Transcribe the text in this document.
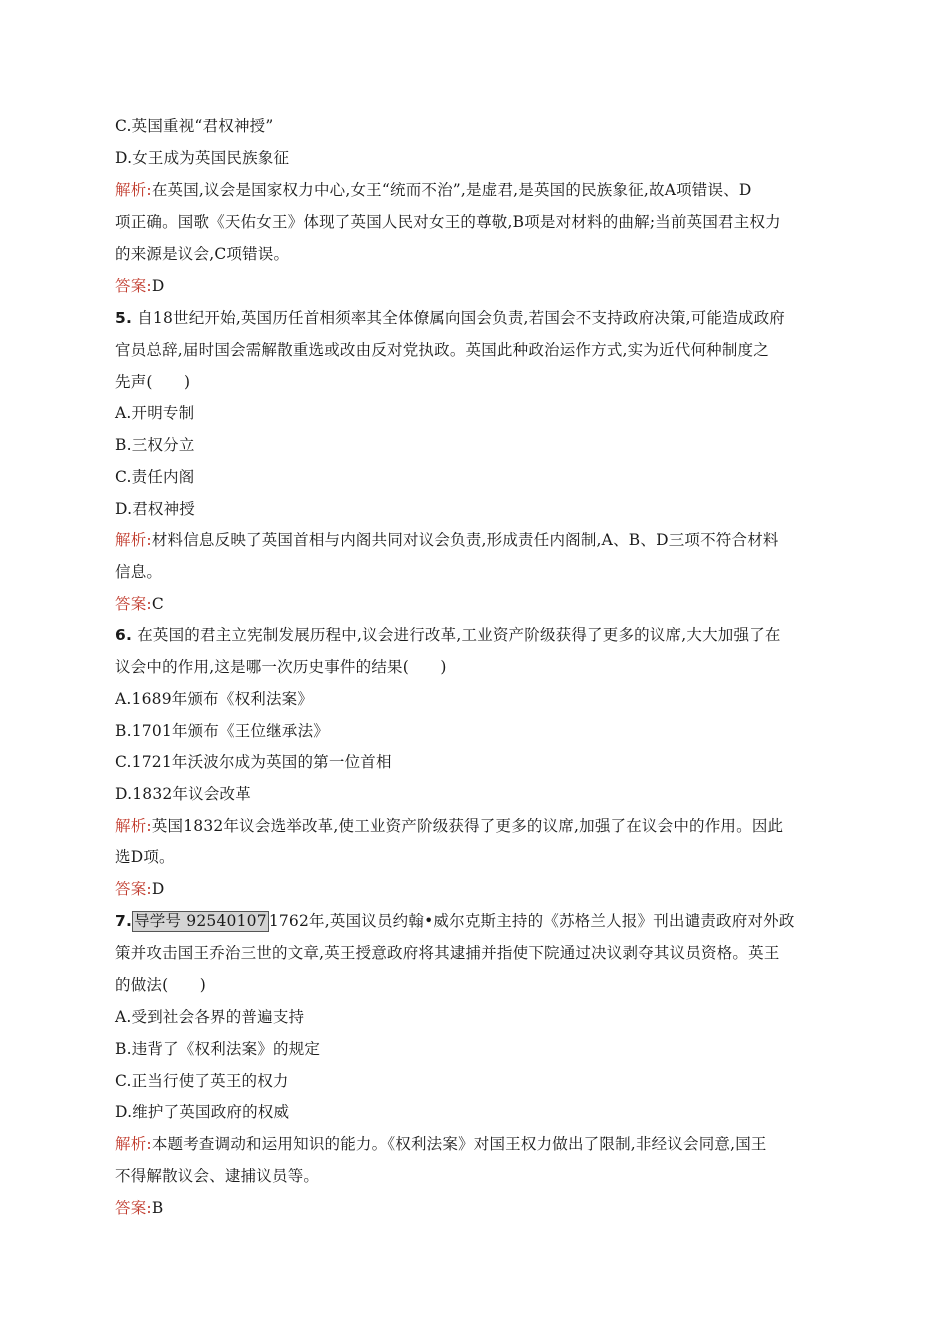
C.英国重视“君权神授”
D.女王成为英国民族象征
解析:在英国,议会是国家权力中心,女王“统而不治”,是虚君,是英国的民族象征,故A项错误、D
项正确。国歌《天佑女王》体现了英国人民对女王的尊敬,B项是对材料的曲解;当前英国君主权力
的来源是议会,C项错误。
答案:D
5. 自18世纪开始,英国历任首相须率其全体僚属向国会负责,若国会不支持政府决策,可能造成政府
官员总辞,届时国会需解散重选或改由反对党执政。英国此种政治运作方式,实为近代何种制度之
先声(　　)
A.开明专制
B.三权分立
C.责任内阁
D.君权神授
解析:材料信息反映了英国首相与内阁共同对议会负责,形成责任内阁制,A、B、D三项不符合材料
信息。
答案:C
6. 在英国的君主立宪制发展历程中,议会进行改革,工业资产阶级获得了更多的议席,大大加强了在
议会中的作用,这是哪一次历史事件的结果(　　)
A.1689年颁布《权利法案》
B.1701年颁布《王位继承法》
C.1721年沃波尔成为英国的第一位首相
D.1832年议会改革
解析:英国1832年议会选举改革,使工业资产阶级获得了更多的议席,加强了在议会中的作用。因此
选D项。
答案:D
7. 导学号 92540107 1762年,英国议员约翰•威尔克斯主持的《苏格兰人报》刊出谴责政府对外政
策并攻击国王乔治三世的文章,英王授意政府将其逮捕并指使下院通过决议剥夺其议员资格。英王
的做法(　　)
A.受到社会各界的普遍支持
B.违背了《权利法案》的规定
C.正当行使了英王的权力
D.维护了英国政府的权威
解析:本题考查调动和运用知识的能力。《权利法案》对国王权力做出了限制,非经议会同意,国王
不得解散议会、逮捕议员等。
答案:B
